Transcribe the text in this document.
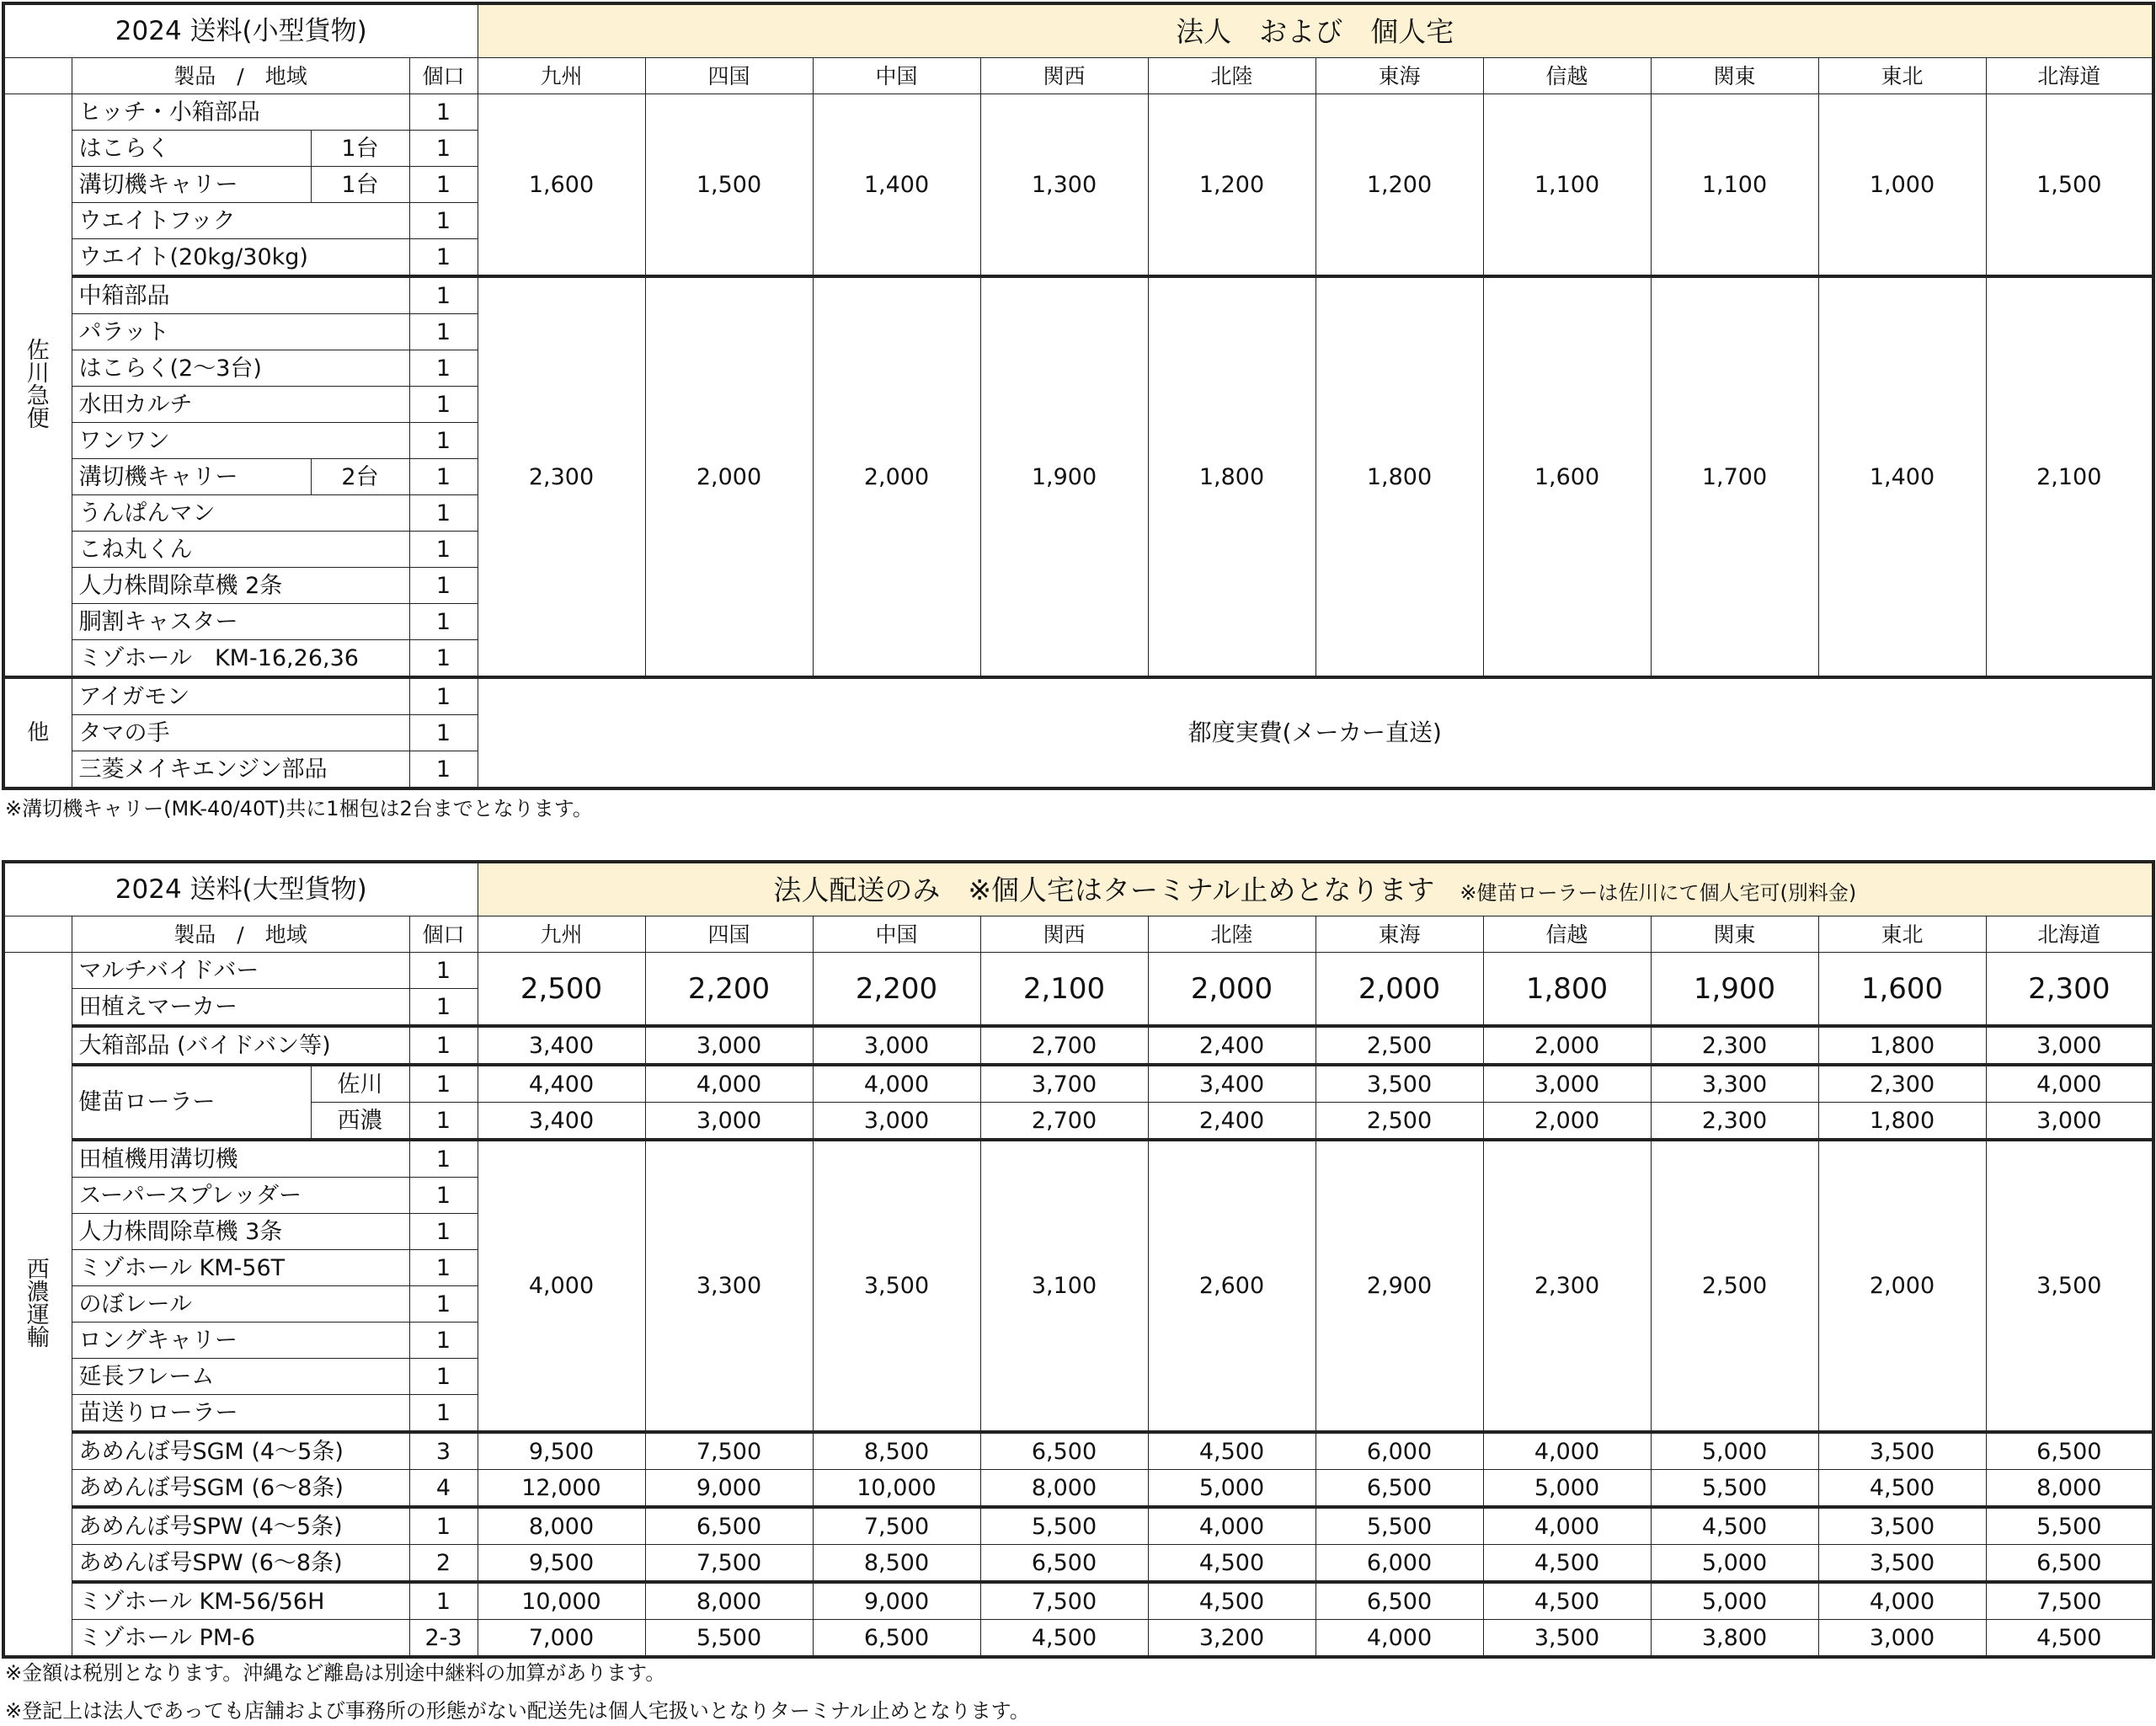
2024 送料(小型貨物)				法人　および　個人宅									
	製品　/　地域		個口	九州	四国	中国	関西	北陸	東海	信越	関東	東北	北海道
佐
川
急
便	ヒッチ・小箱部品		1	1,600	1,500	1,400	1,300	1,200	1,200	1,100	1,100	1,000	1,500
	はこらく	1台	1										
	溝切機キャリー	1台	1										
	ウエイトフック		1										
	ウエイト(20kg/30kg)		1										
	中箱部品		1	2,300	2,000	2,000	1,900	1,800	1,800	1,600	1,700	1,400	2,100
	パラット		1										
	はこらく(2～3台)		1										
	水田カルチ		1										
	ワンワン		1										
	溝切機キャリー	2台	1										
	うんぱんマン		1										
	こね丸くん		1										
	人力株間除草機 2条		1										
	胴割キャスター		1										
	ミゾホール　KM-16,26,36		1										
他	アイガモン		1	都度実費(メーカー直送)									
	タマの手		1										
	三菱メイキエンジン部品		1										
※溝切機キャリー(MK-40/40T)共に1梱包は2台までとなります。
2024 送料(大型貨物)				法人配送のみ　※個人宅はターミナル止めとなります ※健苗ローラーは佐川にて個人宅可(別料金)									
	製品　/　地域		個口	九州	四国	中国	関西	北陸	東海	信越	関東	東北	北海道
西
濃
運
輸	マルチバイドバー		1	2,500	2,200	2,200	2,100	2,000	2,000	1,800	1,900	1,600	2,300
	田植えマーカー		1										
	大箱部品 (バイドバン等)		1	3,400	3,000	3,000	2,700	2,400	2,500	2,000	2,300	1,800	3,000
	健苗ローラー	佐川	1	4,400	4,000	4,000	3,700	3,400	3,500	3,000	3,300	2,300	4,000
		西濃	1	3,400	3,000	3,000	2,700	2,400	2,500	2,000	2,300	1,800	3,000
	田植機用溝切機		1	4,000	3,300	3,500	3,100	2,600	2,900	2,300	2,500	2,000	3,500
	スーパースプレッダー		1										
	人力株間除草機 3条		1										
	ミゾホール KM-56T		1										
	のぼレール		1										
	ロングキャリー		1										
	延長フレーム		1										
	苗送りローラー		1										
	あめんぼ号SGM (4～5条)		3	9,500	7,500	8,500	6,500	4,500	6,000	4,000	5,000	3,500	6,500
	あめんぼ号SGM (6～8条)		4	12,000	9,000	10,000	8,000	5,000	6,500	5,000	5,500	4,500	8,000
	あめんぼ号SPW (4～5条)		1	8,000	6,500	7,500	5,500	4,000	5,500	4,000	4,500	3,500	5,500
	あめんぼ号SPW (6～8条)		2	9,500	7,500	8,500	6,500	4,500	6,000	4,500	5,000	3,500	6,500
	ミゾホール KM-56/56H		1	10,000	8,000	9,000	7,500	4,500	6,500	4,500	5,000	4,000	7,500
	ミゾホール PM-6		2-3	7,000	5,500	6,500	4,500	3,200	4,000	3,500	3,800	3,000	4,500
※金額は税別となります。沖縄など離島は別途中継料の加算があります。
※登記上は法人であっても店舗および事務所の形態がない配送先は個人宅扱いとなりターミナル止めとなります。
